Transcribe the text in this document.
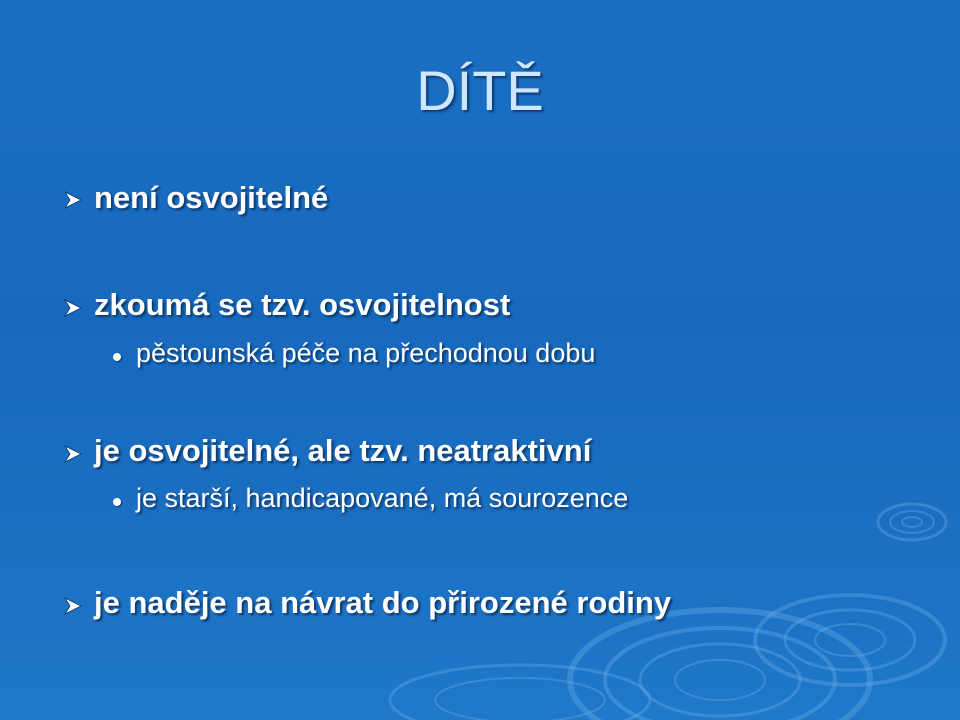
DÍTĚ
není osvojitelné
zkoumá se tzv. osvojitelnost
pěstounská péče na přechodnou dobu
je osvojitelné, ale tzv. neatraktivní
je starší, handicapované, má sourozence
je naděje na návrat do přirozené rodiny
